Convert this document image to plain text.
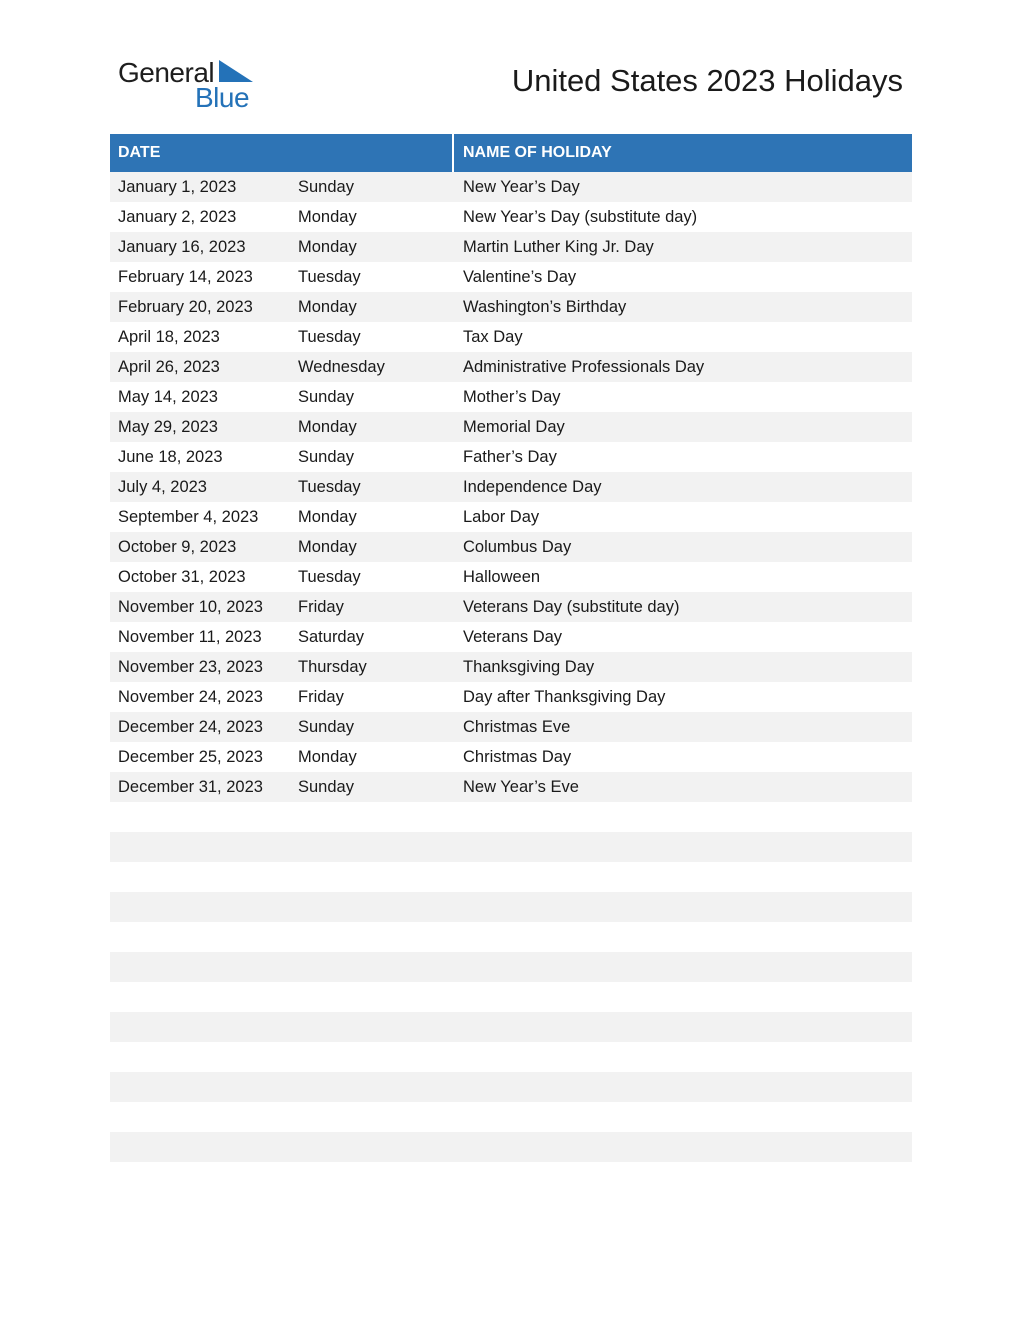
General
Blue	United States 2023 Holidays
DATE	NAME OF HOLIDAY
January 1, 2023	Sunday	New Year’s Day
January 2, 2023	Monday	New Year’s Day (substitute day)
January 16, 2023	Monday	Martin Luther King Jr. Day
February 14, 2023	Tuesday	Valentine’s Day
February 20, 2023	Monday	Washington’s Birthday
April 18, 2023	Tuesday	Tax Day
April 26, 2023	Wednesday	Administrative Professionals Day
May 14, 2023	Sunday	Mother’s Day
May 29, 2023	Monday	Memorial Day
June 18, 2023	Sunday	Father’s Day
July 4, 2023	Tuesday	Independence Day
September 4, 2023	Monday	Labor Day
October 9, 2023	Monday	Columbus Day
October 31, 2023	Tuesday	Halloween
November 10, 2023	Friday	Veterans Day (substitute day)
November 11, 2023	Saturday	Veterans Day
November 23, 2023	Thursday	Thanksgiving Day
November 24, 2023	Friday	Day after Thanksgiving Day
December 24, 2023	Sunday	Christmas Eve
December 25, 2023	Monday	Christmas Day
December 31, 2023	Sunday	New Year’s Eve
